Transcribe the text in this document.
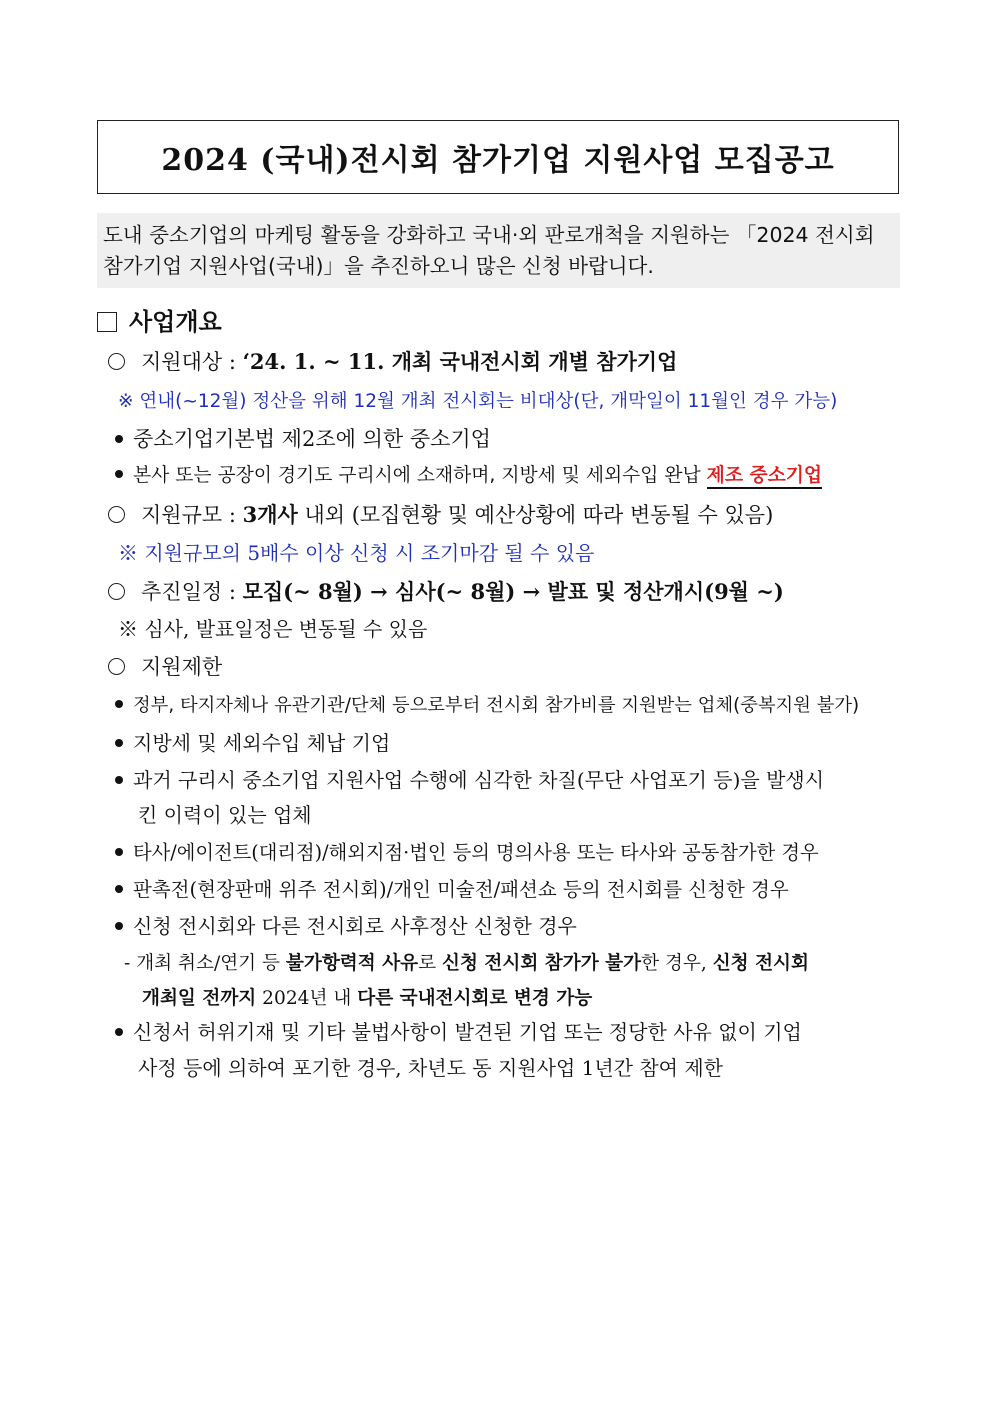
2024 (국내)전시회 참가기업 지원사업 모집공고
도내 중소기업의 마케팅 활동을 강화하고 국내·외 판로개척을 지원하는 「2024 전시회
참가기업 지원사업(국내)」을 추진하오니 많은 신청 바랍니다.
사업개요
지원대상 : ‘24. 1. ~ 11. 개최 국내전시회 개별 참가기업
※ 연내(~12월) 정산을 위해 12월 개최 전시회는 비대상(단, 개막일이 11월인 경우 가능)
중소기업기본법 제2조에 의한 중소기업
본사 또는 공장이 경기도 구리시에 소재하며, 지방세 및 세외수입 완납 제조 중소기업
지원규모 : 3개사 내외 (모집현황 및 예산상황에 따라 변동될 수 있음)
※ 지원규모의 5배수 이상 신청 시 조기마감 될 수 있음
추진일정 : 모집(~ 8월) → 심사(~ 8월) → 발표 및 정산개시(9월 ~)
※ 심사, 발표일정은 변동될 수 있음
지원제한
정부, 타지자체나 유관기관/단체 등으로부터 전시회 참가비를 지원받는 업체(중복지원 불가)
지방세 및 세외수입 체납 기업
과거 구리시 중소기업 지원사업 수행에 심각한 차질(무단 사업포기 등)을 발생시
킨 이력이 있는 업체
타사/에이전트(대리점)/해외지점·법인 등의 명의사용 또는 타사와 공동참가한 경우
판촉전(현장판매 위주 전시회)/개인 미술전/패션쇼 등의 전시회를 신청한 경우
신청 전시회와 다른 전시회로 사후정산 신청한 경우
- 개최 취소/연기 등 불가항력적 사유로 신청 전시회 참가가 불가한 경우, 신청 전시회
개최일 전까지 2024년 내 다른 국내전시회로 변경 가능
신청서 허위기재 및 기타 불법사항이 발견된 기업 또는 정당한 사유 없이 기업
사정 등에 의하여 포기한 경우, 차년도 동 지원사업 1년간 참여 제한
